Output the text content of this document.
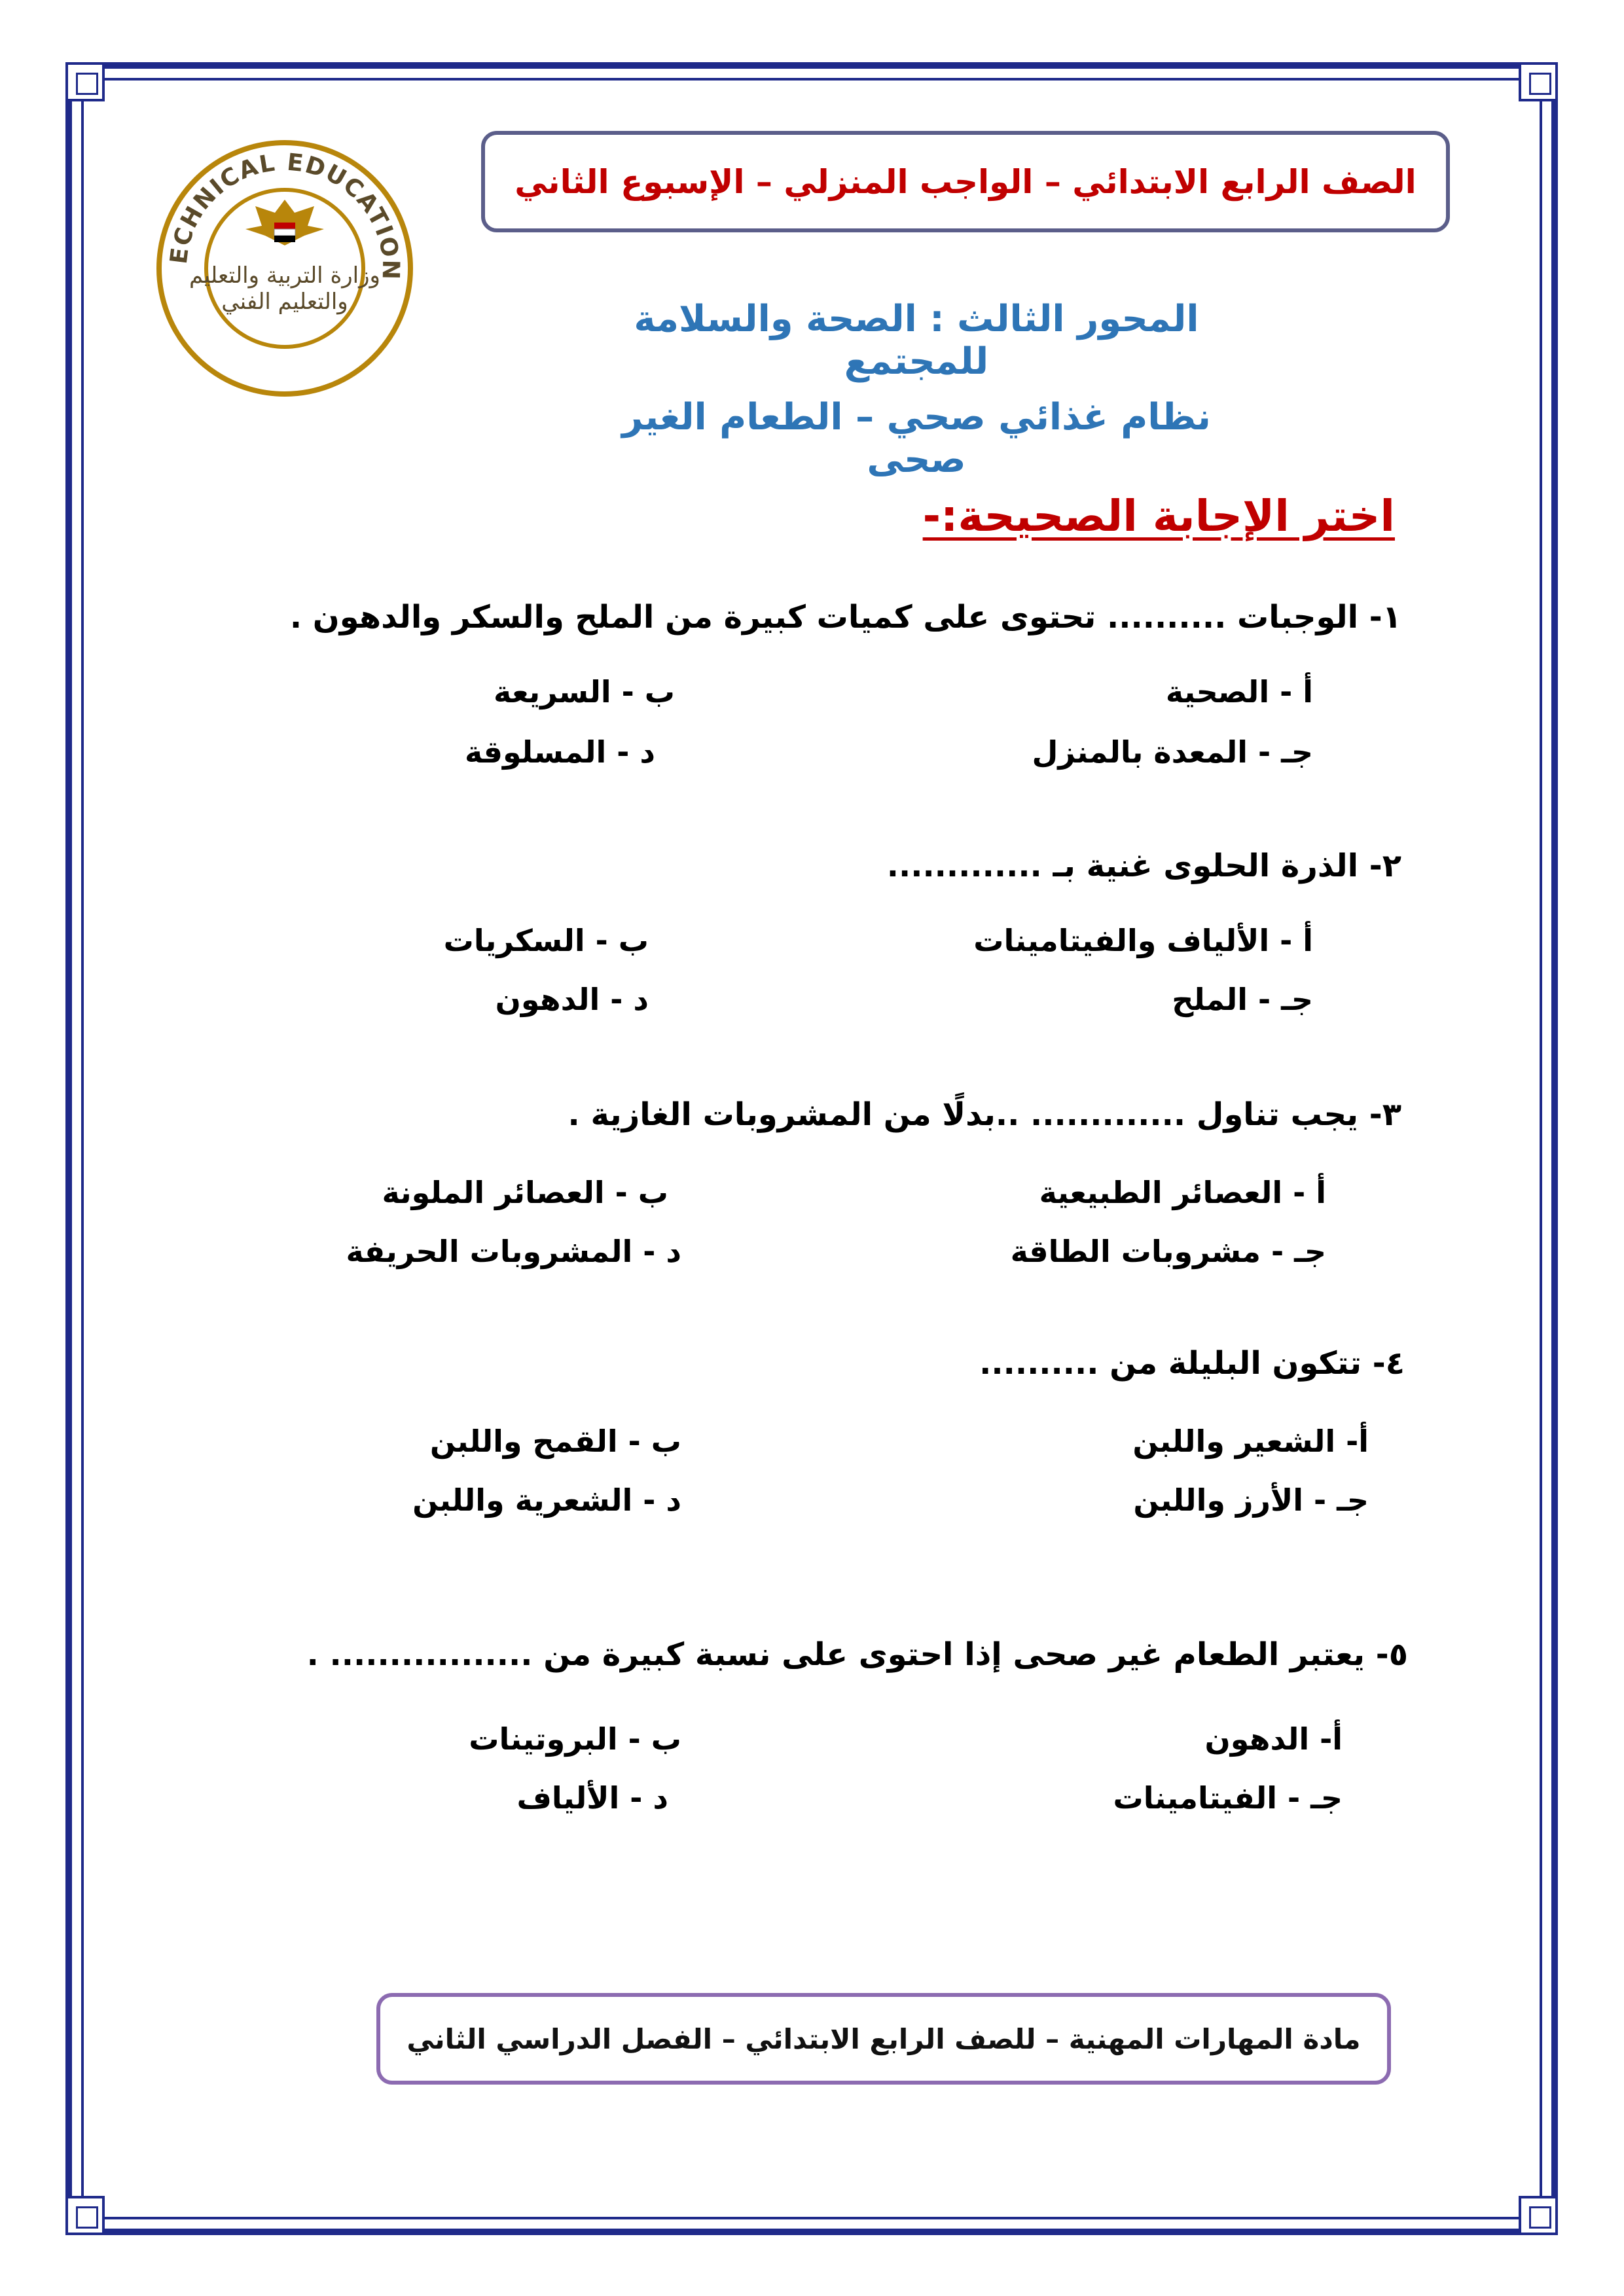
ECHNICAL EDUCATION
وزارة التربية والتعليم
والتعليم الفني
الصف الرابع الابتدائي – الواجب المنزلي – الإسبوع الثاني
المحور الثالث : الصحة والسلامة للمجتمع
نظام غذائي صحي – الطعام الغير صحى
اختر الإجابة الصحيحة:-
١- الوجبات .......... تحتوى على كميات كبيرة من الملح والسكر والدهون .
أ - الصحية
ب - السريعة
جـ - المعدة بالمنزل
د - المسلوقة
٢- الذرة الحلوى غنية بـ .............
أ - الألياف والفيتامينات
ب - السكريات
جـ - الملح
د - الدهون
٣- يجب تناول ............. ..بدلًا من المشروبات الغازية .
أ - العصائر الطبيعية
ب - العصائر الملونة
جـ - مشروبات الطاقة
د - المشروبات الحريفة
٤- تتكون البليلة من ..........
أ- الشعير واللبن
ب - القمح واللبن
جـ - الأرز واللبن
د - الشعرية واللبن
٥- يعتبر الطعام غير صحى إذا احتوى على نسبة كبيرة من ................. .
أ- الدهون
ب - البروتينات
جـ - الفيتامينات
د - الألياف
مادة المهارات المهنية – للصف الرابع الابتدائي – الفصل الدراسي الثاني
